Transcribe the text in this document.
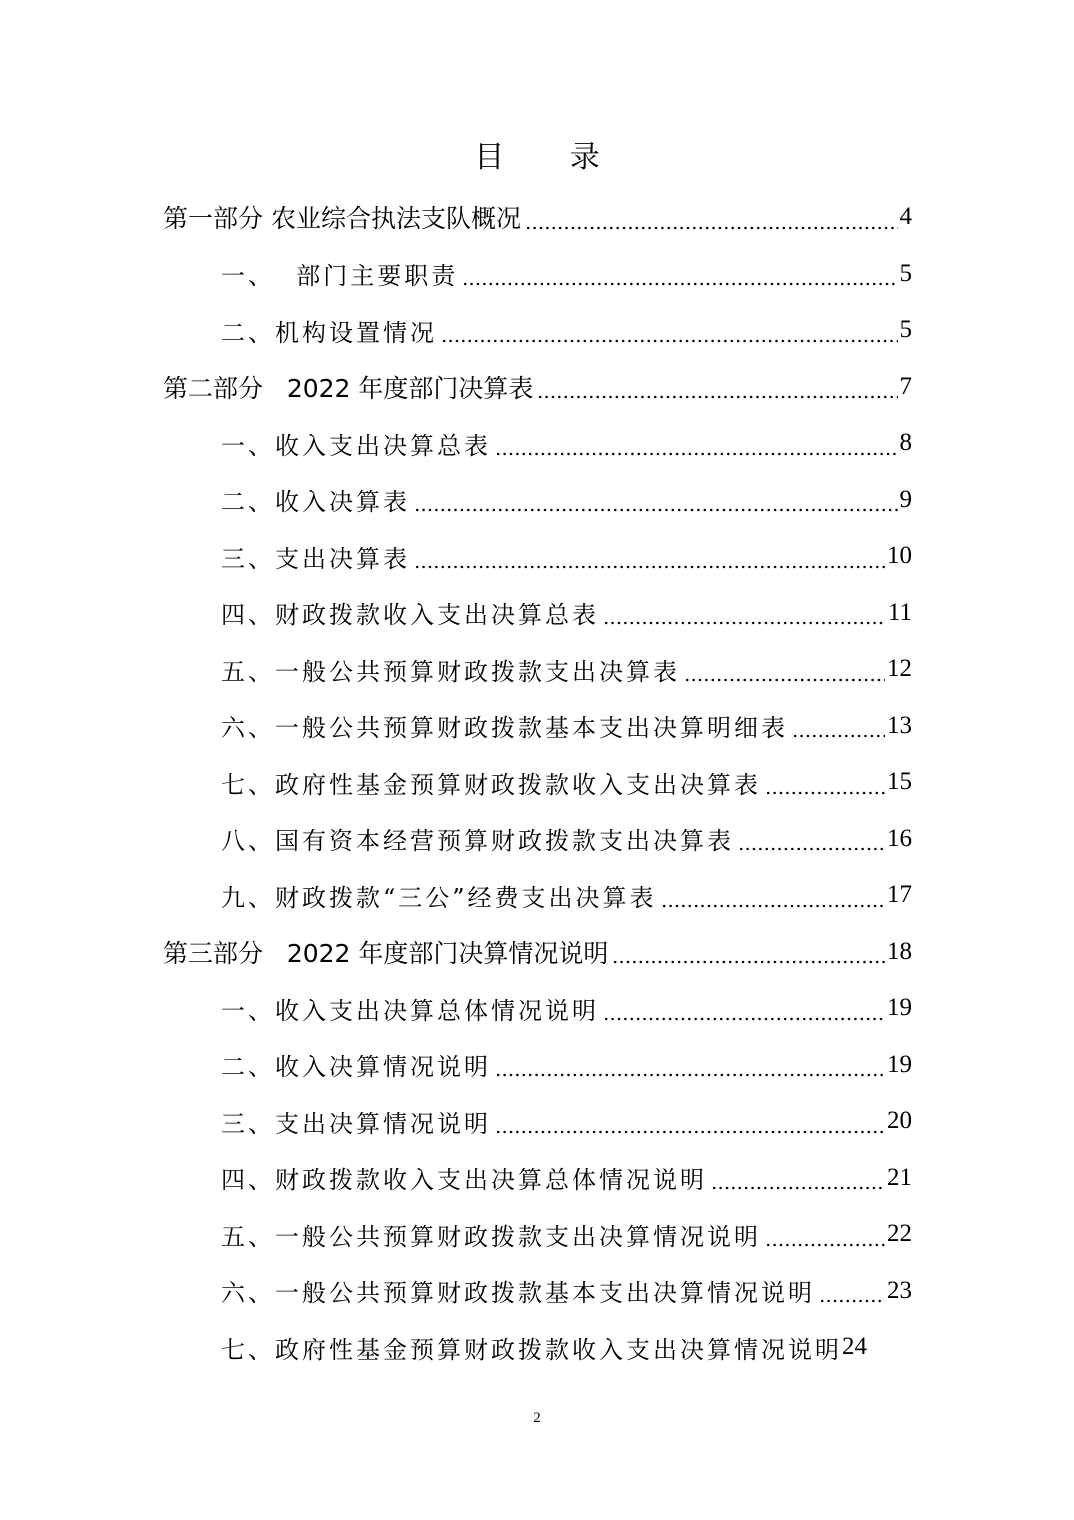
目 录
第一部分 农业综合执法支队概况	4
一、  部门主要职责	5
二、机构设置情况	5
第二部分   2022 年度部门决算表	7
一、收入支出决算总表	8
二、收入决算表	9
三、支出决算表	10
四、财政拨款收入支出决算总表	11
五、一般公共预算财政拨款支出决算表	12
六、一般公共预算财政拨款基本支出决算明细表	13
七、政府性基金预算财政拨款收入支出决算表	15
八、国有资本经营预算财政拨款支出决算表	16
九、财政拨款“三公”经费支出决算表	17
第三部分   2022 年度部门决算情况说明	18
一、收入支出决算总体情况说明	19
二、收入决算情况说明	19
三、支出决算情况说明	20
四、财政拨款收入支出决算总体情况说明	21
五、一般公共预算财政拨款支出决算情况说明	22
六、一般公共预算财政拨款基本支出决算情况说明	23
七、政府性基金预算财政拨款收入支出决算情况说明 24
2
